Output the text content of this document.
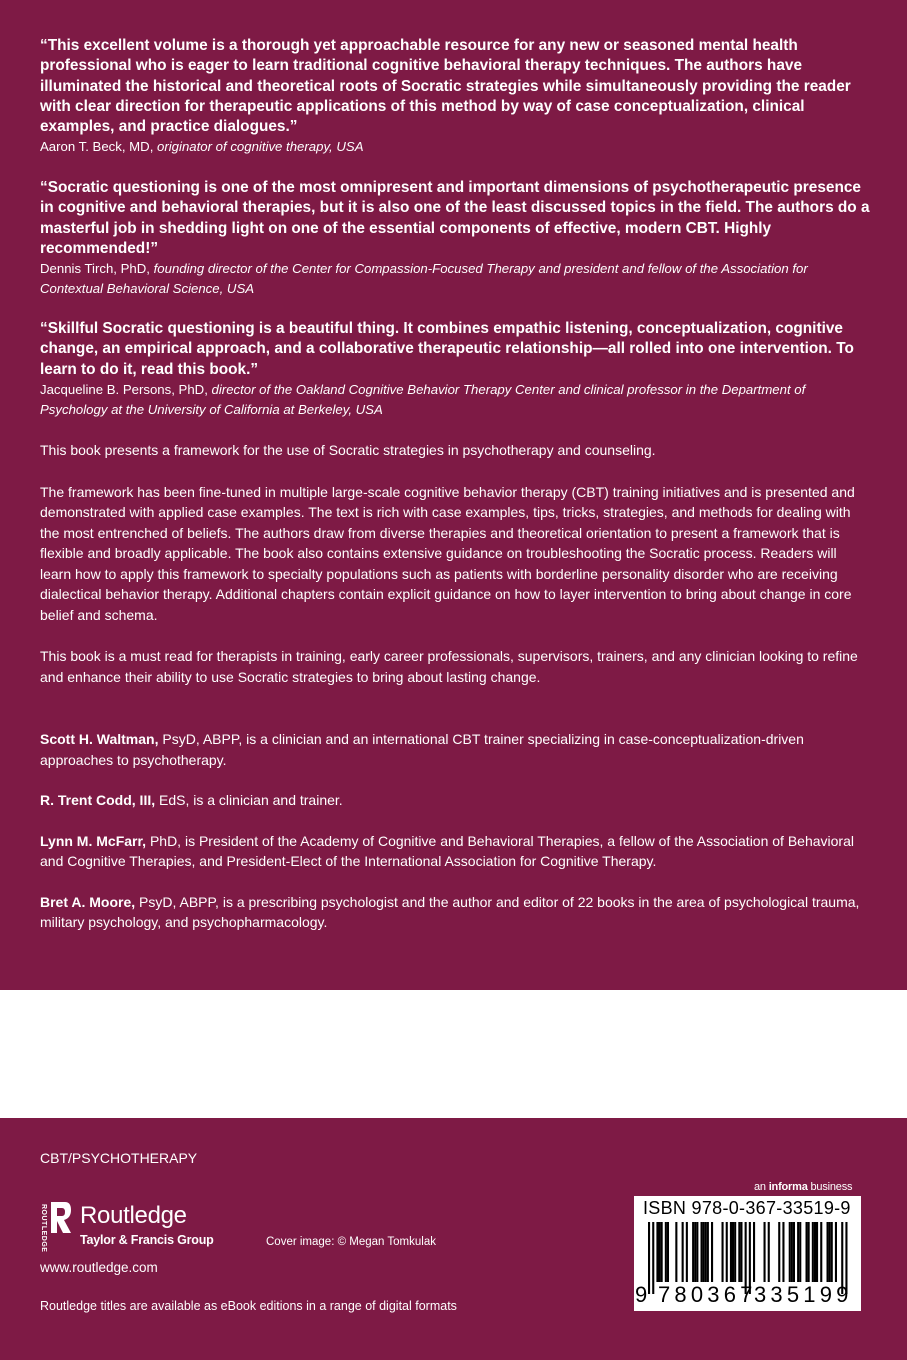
“This excellent volume is a thorough yet approachable resource for any new or seasoned mental health professional who is eager to learn traditional cognitive behavioral therapy techniques. The authors have illuminated the historical and theoretical roots of Socratic strategies while simultaneously providing the reader with clear direction for therapeutic applications of this method by way of case conceptualization, clinical examples, and practice dialogues.”

Aaron T. Beck, MD, originator of cognitive therapy, USA

“Socratic questioning is one of the most omnipresent and important dimensions of psychotherapeutic presence in cognitive and behavioral therapies, but it is also one of the least discussed topics in the field. The authors do a masterful job in shedding light on one of the essential components of effective, modern CBT. Highly recommended!”

Dennis Tirch, PhD, founding director of the Center for Compassion-Focused Therapy and president and fellow of the Association for Contextual Behavioral Science, USA

“Skillful Socratic questioning is a beautiful thing. It combines empathic listening, conceptualization, cognitive change, an empirical approach, and a collaborative therapeutic relationship—all rolled into one intervention. To learn to do it, read this book.”

Jacqueline B. Persons, PhD, director of the Oakland Cognitive Behavior Therapy Center and clinical professor in the Department of Psychology at the University of California at Berkeley, USA

This book presents a framework for the use of Socratic strategies in psychotherapy and counseling.

The framework has been fine-tuned in multiple large-scale cognitive behavior therapy (CBT) training initiatives and is presented and demonstrated with applied case examples. The text is rich with case examples, tips, tricks, strategies, and methods for dealing with the most entrenched of beliefs. The authors draw from diverse therapies and theoretical orientation to present a framework that is flexible and broadly applicable. The book also contains extensive guidance on troubleshooting the Socratic process. Readers will learn how to apply this framework to specialty populations such as patients with borderline personality disorder who are receiving dialectical behavior therapy. Additional chapters contain explicit guidance on how to layer intervention to bring about change in core belief and schema.

This book is a must read for therapists in training, early career professionals, supervisors, trainers, and any clinician looking to refine and enhance their ability to use Socratic strategies to bring about lasting change.

Scott H. Waltman, PsyD, ABPP, is a clinician and an international CBT trainer specializing in case-conceptualization-driven approaches to psychotherapy.

R. Trent Codd, III, EdS, is a clinician and trainer.

Lynn M. McFarr, PhD, is President of the Academy of Cognitive and Behavioral Therapies, a fellow of the Association of Behavioral and Cognitive Therapies, and President-Elect of the International Association for Cognitive Therapy.

Bret A. Moore, PsyD, ABPP, is a prescribing psychologist and the author and editor of 22 books in the area of psychological trauma, military psychology, and psychopharmacology.

CBT/PSYCHOTHERAPY
Routledge
Taylor & Francis Group
ROUTLEDGE
www.routledge.com
Cover image: © Megan Tomkulak
Routledge titles are available as eBook editions in a range of digital formats
an informa business
ISBN 978-0-367-33519-9
9 780367
335199
